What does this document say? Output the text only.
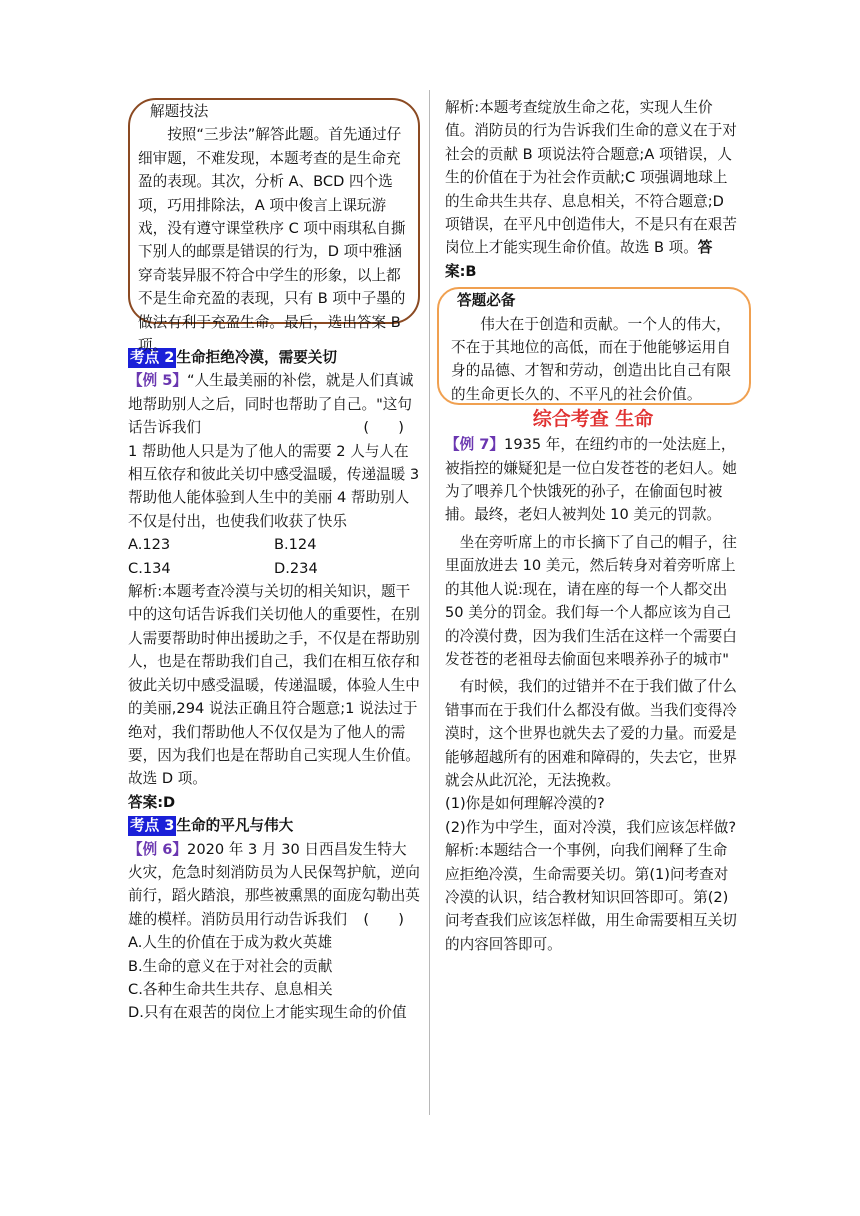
解题技法

按照“三步法”解答此题。首先通过仔细审题，不难发现，本题考查的是生命充盈的表现。其次，分析 A、BCD 四个选项，巧用排除法，A 项中俊言上课玩游戏，没有遵守课堂秩序 C 项中雨琪私自撕下别人的邮票是错误的行为，D 项中雅涵穿奇装异服不符合中学生的形象，以上都不是生命充盈的表现，只有 B 项中子墨的做法有利于充盈生命。最后，选出答案 B 项。

考点 2 生命拒绝冷漠，需要关切

【例 5】“人生最美丽的补偿，就是人们真诚地帮助别人之后，同时也帮助了自己。"这句话告诉我们	(　　)

1 帮助他人只是为了他人的需要 2 人与人在相互依存和彼此关切中感受温暖，传递温暖 3 帮助他人能体验到人生中的美丽 4 帮助别人不仅是付出，也使我们收获了快乐

A.123	B.124
C.134	D.234

解析:本题考查冷漠与关切的相关知识，题干中的这句话告诉我们关切他人的重要性，在别人需要帮助时伸出援助之手，不仅是在帮助别人，也是在帮助我们自己，我们在相互依存和彼此关切中感受温暖，传递温暖，体验人生中的美丽,294 说法正确且符合题意;1 说法过于绝对，我们帮助他人不仅仅是为了他人的需要，因为我们也是在帮助自己实现人生价值。故选 D 项。

答案:D

考点 3 生命的平凡与伟大

【例 6】2020 年 3 月 30 日西昌发生特大火灾，危急时刻消防员为人民保驾护航，逆向前行，蹈火踏浪，那些被熏黑的面庞勾勒出英雄的模样。消防员用行动告诉我们 (　　)

A.人生的价值在于成为救火英雄

B.生命的意义在于对社会的贡献

C.各种生命共生共存、息息相关

D.只有在艰苦的岗位上才能实现生命的价值

解析:本题考查绽放生命之花，实现人生价值。消防员的行为告诉我们生命的意义在于对社会的贡献 B 项说法符合题意;A 项错误，人生的价值在于为社会作贡献;C 项强调地球上的生命共生共存、息息相关，不符合题意;D 项错误，在平凡中创造伟大，不是只有在艰苦岗位上才能实现生命价值。故选 B 项。答案:B

答题必备

伟大在于创造和贡献。一个人的伟大，不在于其地位的高低，而在于他能够运用自身的品德、才智和劳动，创造出比自己有限的生命更长久的、不平凡的社会价值。

综合考查 生命

【例 7】1935 年，在纽约市的一处法庭上，被指控的嫌疑犯是一位白发苍苍的老妇人。她为了喂养几个快饿死的孙子，在偷面包时被捕。最终，老妇人被判处 10 美元的罚款。

坐在旁听席上的市长摘下了自己的帽子，往里面放进去 10 美元，然后转身对着旁听席上的其他人说:现在，请在座的每一个人都交出 50 美分的罚金。我们每一个人都应该为自己的冷漠付费，因为我们生活在这样一个需要白发苍苍的老祖母去偷面包来喂养孙子的城市"

有时候，我们的过错并不在于我们做了什么错事而在于我们什么都没有做。当我们变得冷漠时，这个世界也就失去了爱的力量。而爱是能够超越所有的困难和障碍的，失去它，世界就会从此沉沦，无法挽救。

(1)你是如何理解冷漠的?

(2)作为中学生，面对冷漠，我们应该怎样做?

解析:本题结合一个事例，向我们阐释了生命应拒绝冷漠，生命需要关切。第(1)问考查对冷漠的认识，结合教材知识回答即可。第(2)问考查我们应该怎样做，用生命需要相互关切的内容回答即可。
